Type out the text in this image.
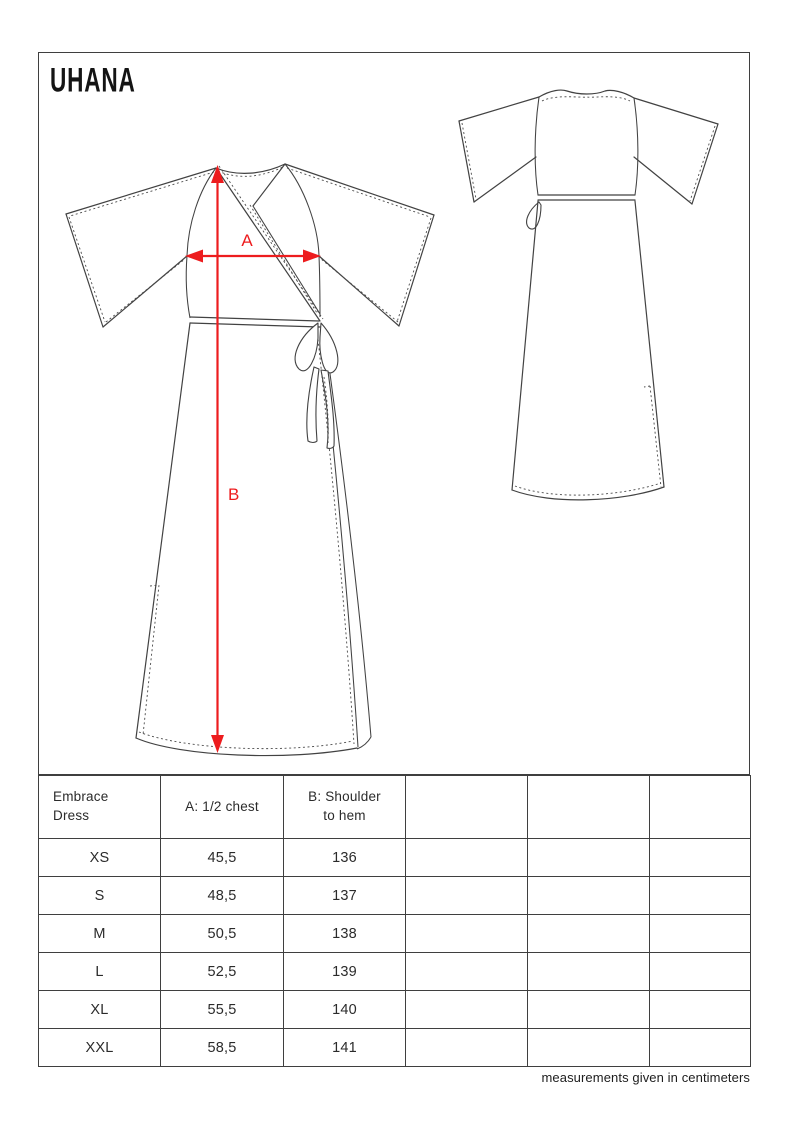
UHANA
B
A
Embrace Dress	A: 1/2 chest	B: Shoulder to hem			
XS	45,5	136			
S	48,5	137			
M	50,5	138			
L	52,5	139			
XL	55,5	140			
XXL	58,5	141			
measurements given in centimeters
